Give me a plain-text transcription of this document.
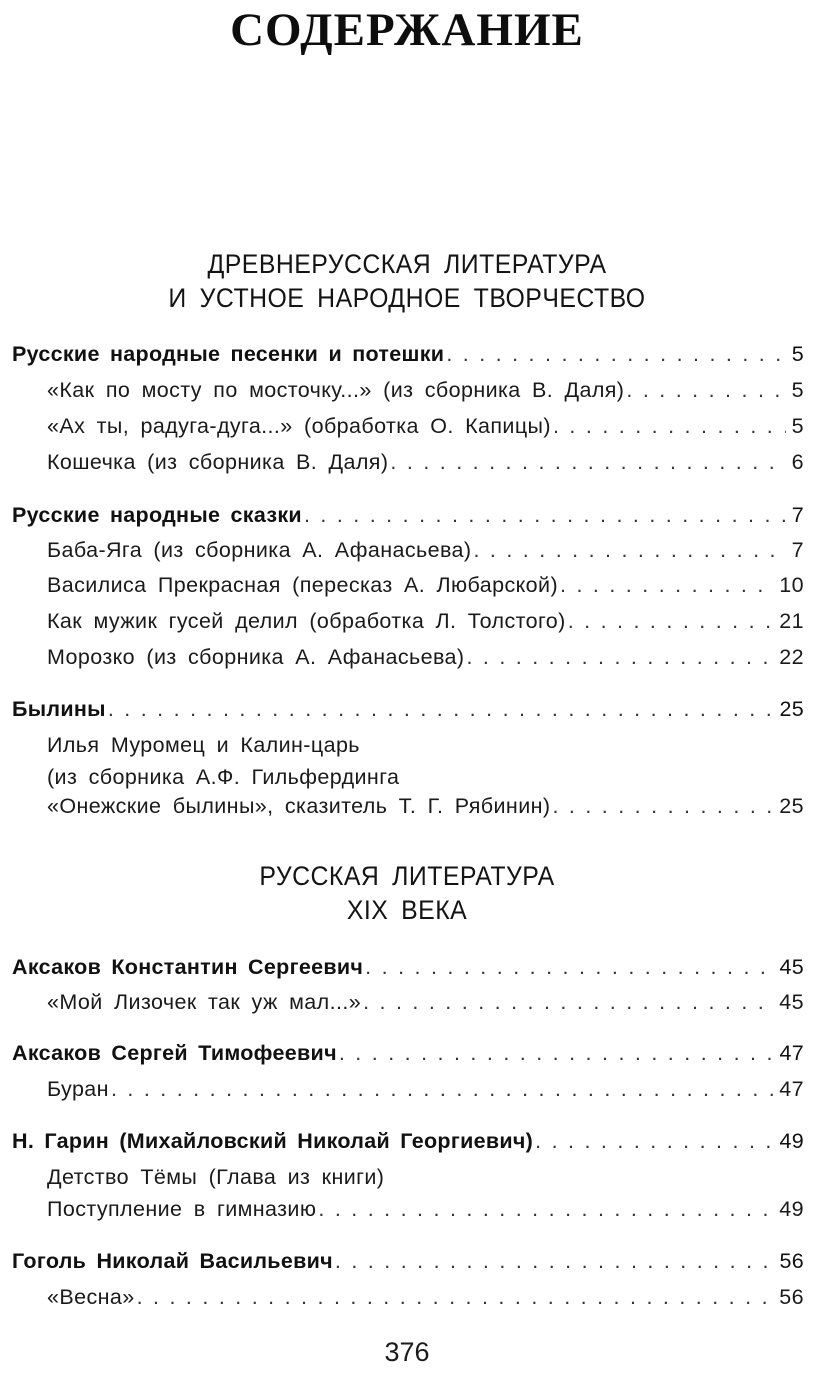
СОДЕРЖАНИЕ
ДРЕВНЕРУССКАЯ ЛИТЕРАТУРА
И УСТНОЕ НАРОДНОЕ ТВОРЧЕСТВО
Русские народные песенки и потешки . . .	5
«Как по мосту по мосточку...» (из сборника В. Даля) . . .	5
«Ах ты, радуга-дуга...» (обработка О. Капицы) . . .	5
Кошечка (из сборника В. Даля) . . .	6
Русские народные сказки . . .	7
Баба-Яга (из сборника А. Афанасьева) . . .	7
Василиса Прекрасная (пересказ А. Любарской) . . .	10
Как мужик гусей делил (обработка Л. Толстого) . . .	21
Морозко (из сборника А. Афанасьева) . . .	22
Былины . . .	25
Илья Муромец и Калин-царь
(из сборника А.Ф. Гильфердинга
«Онежские былины», сказитель Т. Г. Рябинин) . . .	25
РУССКАЯ ЛИТЕРАТУРА
XIX ВЕКА
Аксаков Константин Сергеевич . . .	45
«Мой Лизочек так уж мал...» . . .	45
Аксаков Сергей Тимофеевич . . .	47
Буран . . .	47
Н. Гарин (Михайловский Николай Георгиевич) . . .	49
Детство Тёмы (Глава из книги)
Поступление в гимназию . . .	49
Гоголь Николай Васильевич . . .	56
«Весна» . . .	56
376
